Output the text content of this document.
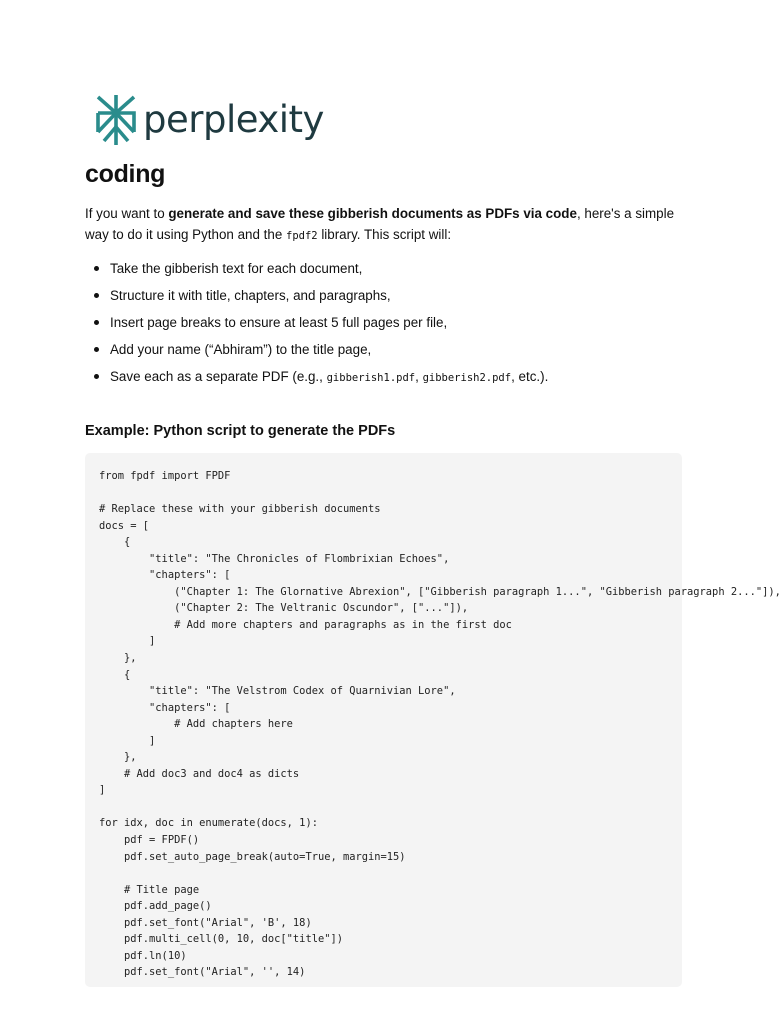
perplexity
coding

If you want to generate and save these gibberish documents as PDFs via code, here's a simple way to do it using Python and the fpdf2 library. This script will:

Take the gibberish text for each document,
Structure it with title, chapters, and paragraphs,
Insert page breaks to ensure at least 5 full pages per file,
Add your name (“Abhiram”) to the title page,
Save each as a separate PDF (e.g., gibberish1.pdf, gibberish2.pdf, etc.).
Example: Python script to generate the PDFs
from fpdf import FPDF
# Replace these with your gibberish documents
docs = [
{
"title": "The Chronicles of Flombrixian Echoes",
"chapters": [
("Chapter 1: The Glornative Abrexion", ["Gibberish paragraph 1...", "Gibberish paragraph 2..."]),
("Chapter 2: The Veltranic Oscundor", ["..."]),
# Add more chapters and paragraphs as in the first doc
]
},
{
"title": "The Velstrom Codex of Quarnivian Lore",
"chapters": [
# Add chapters here
]
},
# Add doc3 and doc4 as dicts
]
for idx, doc in enumerate(docs, 1):
pdf = FPDF()
pdf.set_auto_page_break(auto=True, margin=15)
# Title page
pdf.add_page()
pdf.set_font("Arial", 'B', 18)
pdf.multi_cell(0, 10, doc["title"])
pdf.ln(10)
pdf.set_font("Arial", '', 14)
